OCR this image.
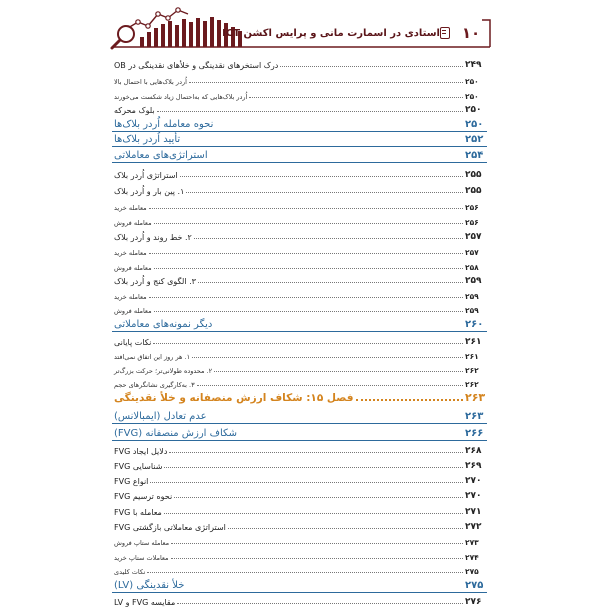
۱۰
استادی در اسمارت مانی و پرایس اکشن ICT
درک استخرهای نقدینگی و خلأهای نقدینگی در OB	۲۴۹
اُردر بلاک‌هایی با احتمال بالا	۲۵۰
اُردر بلاک‌هایی که به‌احتمال زیاد شکست می‌خورند	۲۵۰
بلوک محرکه	۲۵۰
نحوه معامله اُردر بلاک‌ها	۲۵۰
تأیید اُردر بلاک‌ها	۲۵۲
استراتژی‌های معاملاتی	۲۵۴
استراتژی اُردر بلاک	۲۵۵
۱. پین بار و اُردر بلاک	۲۵۵
معامله خرید	۲۵۶
معامله فروش	۲۵۶
۲. خط روند و اُردر بلاک	۲۵۷
معامله خرید	۲۵۷
معامله فروش	۲۵۸
۳. الگوی کنج و اُردر بلاک	۲۵۹
معامله خرید	۲۵۹
معامله فروش	۲۵۹
دیگر نمونه‌های معاملاتی	۲۶۰
نکات پایانی	۲۶۱
۱. هر روز این اتفاق نمی‌افتد	۲۶۱
۲. محدوده طولانی‌تر؛ حرکت بزرگ‌تر	۲۶۲
۳. به‌کارگیری نشانگرهای حجم	۲۶۲
فصل ۱۵: شکاف ارزش منصفانه و خلأ نقدینگی	۲۶۳
عدم تعادل (ایمبالانس)	۲۶۳
شکاف ارزش منصفانه (FVG)	۲۶۶
دلایل ایجاد FVG	۲۶۸
شناسایی FVG	۲۶۹
انواع FVG	۲۷۰
نحوه ترسیم FVG	۲۷۰
معامله با FVG	۲۷۱
استراتژی معاملاتی بازگشتی FVG	۲۷۲
معامله ستاپ فروش	۲۷۳
معاملات ستاپ خرید	۲۷۴
نکات کلیدی	۲۷۵
خلأ نقدینگی (LV)	۲۷۵
مقایسه FVG و LV	۲۷۶
